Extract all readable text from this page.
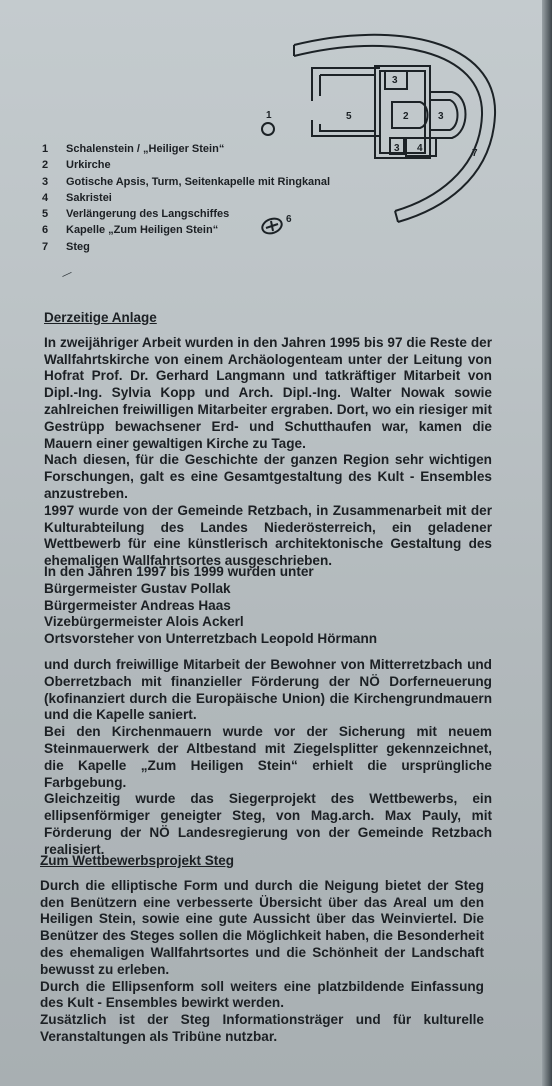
1	2
3
3
3 4
5
6
7
1	Schalenstein / „Heiliger Stein“
2	Urkirche
3	Gotische Apsis, Turm, Seitenkapelle mit Ringkanal
4	Sakristei
5	Verlängerung des Langschiffes
6	Kapelle „Zum Heiligen Stein“
7	Steg
—
Derzeitige Anlage

In zweijähriger Arbeit wurden in den Jahren 1995 bis 97 die Reste der Wallfahrtskirche von einem Archäologenteam unter der Leitung von Hofrat Prof. Dr. Gerhard Langmann und tatkräftiger Mitarbeit von Dipl.-Ing. Sylvia Kopp und Arch. Dipl.-Ing. Walter Nowak sowie zahlreichen freiwilligen Mitarbeiter ergraben. Dort, wo ein riesiger mit Gestrüpp bewachsener Erd- und Schutthaufen war, kamen die Mauern einer gewaltigen Kirche zu Tage.

Nach diesen, für die Geschichte der ganzen Region sehr wichtigen Forschungen, galt es eine Gesamtgestaltung des Kult - Ensembles anzustreben.

1997 wurde von der Gemeinde Retzbach, in Zusammenarbeit mit der Kulturabteilung des Landes Niederösterreich, ein geladener Wettbewerb für eine künstlerisch architektonische Gestaltung des ehemaligen Wallfahrtsortes ausgeschrieben.

In den Jahren 1997 bis 1999 wurden unter

Bürgermeister Gustav Pollak

Bürgermeister Andreas Haas

Vizebürgermeister Alois Ackerl

Ortsvorsteher von Unterretzbach Leopold Hörmann

und durch freiwillige Mitarbeit der Bewohner von Mitterretzbach und Oberretzbach mit finanzieller Förderung der NÖ Dorferneuerung (kofinanziert durch die Europäische Union) die Kirchengrundmauern und die Kapelle saniert.

Bei den Kirchenmauern wurde vor der Sicherung mit neuem Steinmauerwerk der Altbestand mit Ziegelsplitter gekennzeichnet, die Kapelle „Zum Heiligen Stein“ erhielt die ursprüngliche Farbgebung.

Gleichzeitig wurde das Siegerprojekt des Wettbewerbs, ein ellipsenförmiger geneigter Steg, von Mag.arch. Max Pauly, mit Förderung der NÖ Landesregierung von der Gemeinde Retzbach realisiert.

Zum Wettbewerbsprojekt Steg

Durch die elliptische Form und durch die Neigung bietet der Steg den Benützern eine verbesserte Übersicht über das Areal um den Heiligen Stein, sowie eine gute Aussicht über das Weinviertel. Die Benützer des Steges sollen die Möglichkeit haben, die Besonderheit des ehemaligen Wallfahrtsortes und die Schönheit der Landschaft bewusst zu erleben.

Durch die Ellipsenform soll weiters eine platzbildende Einfassung des Kult - Ensembles bewirkt werden.

Zusätzlich ist der Steg Informationsträger und für kulturelle Veranstaltungen als Tribüne nutzbar.
